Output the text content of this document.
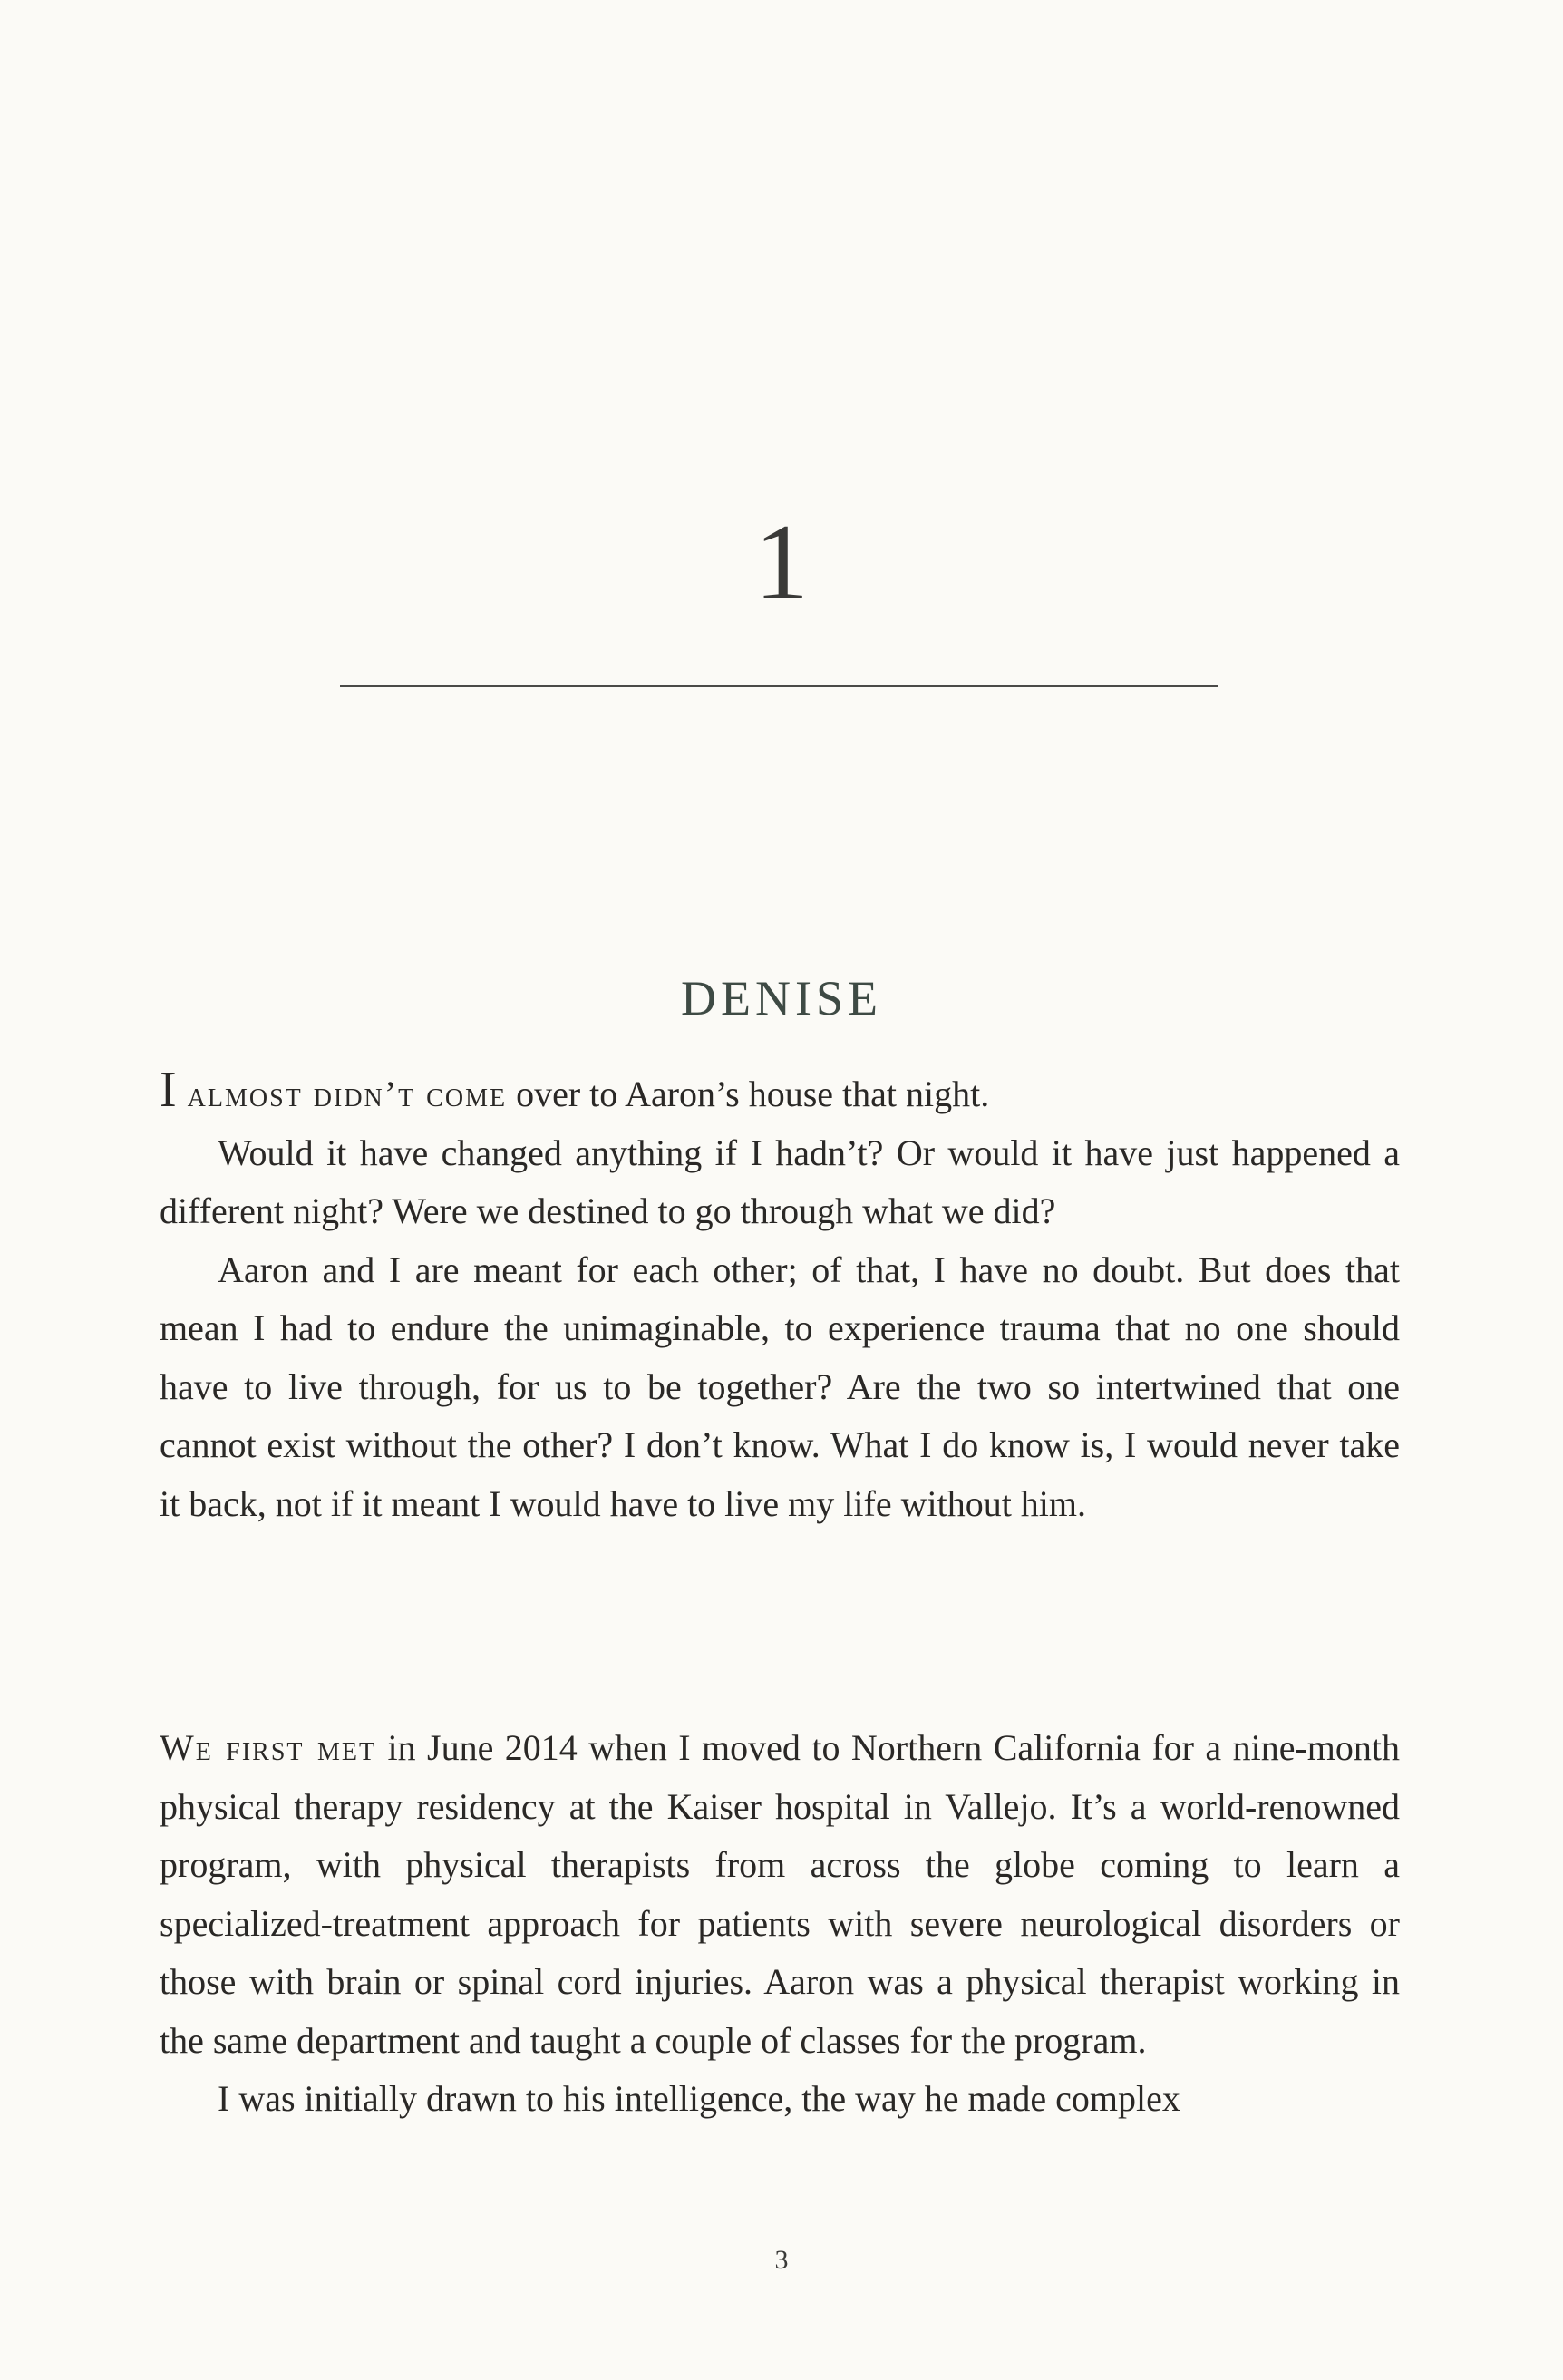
1
DENISE

I almost didn’t come over to Aaron’s house that night.

Would it have changed anything if I hadn’t? Or would it have just happened a different night? Were we destined to go through what we did?

Aaron and I are meant for each other; of that, I have no doubt. But does that mean I had to endure the unimaginable, to experience trauma that no one should have to live through, for us to be together? Are the two so intertwined that one cannot exist without the other? I don’t know. What I do know is, I would never take it back, not if it meant I would have to live my life without him.

We first met in June 2014 when I moved to Northern California for a nine-month physical therapy residency at the Kaiser hospital in Vallejo. It’s a world-renowned program, with physical therapists from across the globe coming to learn a specialized-treatment approach for patients with severe neurological disorders or those with brain or spinal cord injuries. Aaron was a physical therapist working in the same department and taught a couple of classes for the program.

I was initially drawn to his intelligence, the way he made complex

3
